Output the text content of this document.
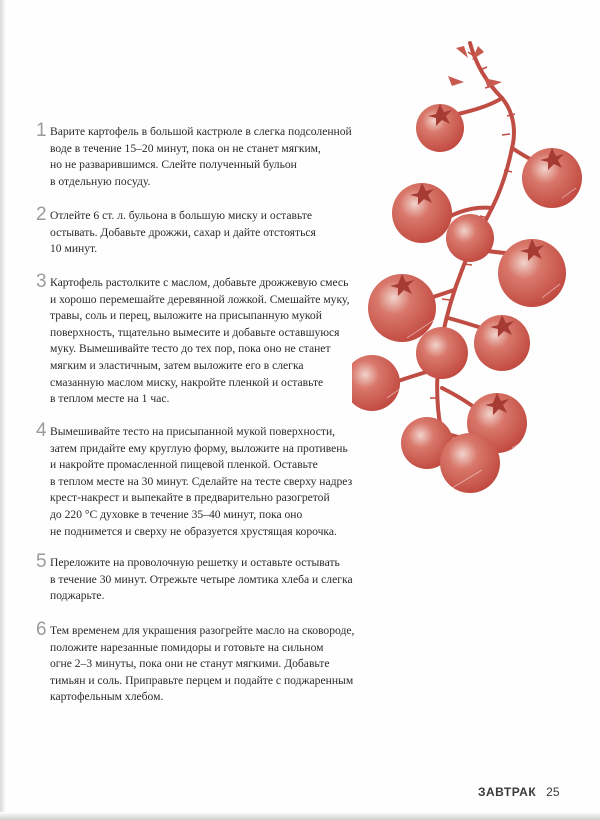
1 Варите картофель в большой кастрюле в слегка подсоленной
воде в течение 15–20 минут, пока он не станет мягким,
но не разварившимся. Слейте полученный бульон
в отдельную посуду.
2 Отлейте 6 ст. л. бульона в большую миску и оставьте
остывать. Добавьте дрожжи, сахар и дайте отстояться
10 минут.
3 Картофель растолките с маслом, добавьте дрожжевую смесь
и хорошо перемешайте деревянной ложкой. Смешайте муку,
травы, соль и перец, выложите на присыпанную мукой
поверхность, тщательно вымесите и добавьте оставшуюся
муку. Вымешивайте тесто до тех пор, пока оно не станет
мягким и эластичным, затем выложите его в слегка
смазанную маслом миску, накройте пленкой и оставьте
в теплом месте на 1 час.
4 Вымешивайте тесто на присыпанной мукой поверхности,
затем придайте ему круглую форму, выложите на противень
и накройте промасленной пищевой пленкой. Оставьте
в теплом месте на 30 минут. Сделайте на тесте сверху надрез
крест-накрест и выпекайте в предварительно разогретой
до 220 °С духовке в течение 35–40 минут, пока оно
не поднимется и сверху не образуется хрустящая корочка.
5 Переложите на проволочную решетку и оставьте остывать
в течение 30 минут. Отрежьте четыре ломтика хлеба и слегка
поджарьте.
6 Тем временем для украшения разогрейте масло на сковороде,
положите нарезанные помидоры и готовьте на сильном
огне 2–3 минуты, пока они не станут мягкими. Добавьте
тимьян и соль. Приправьте перцем и подайте с поджаренным
картофельным хлебом.
ЗАВТРАК 25
